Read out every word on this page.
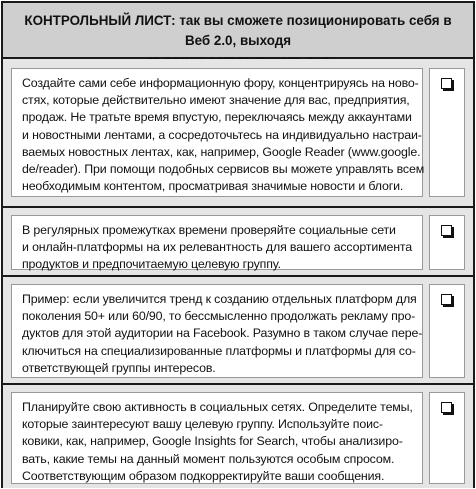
КОНТРОЛЬНЫЙ ЛИСТ: так вы сможете позиционировать себя в Веб 2.0, выходя
Создайте сами себе информационную фору, концентрируясь на ново-
стях, которые действительно имеют значение для вас, предприятия,
продаж. Не тратьте время впустую, переключаясь между аккаунтами
и новостными лентами, а сосредоточьтесь на индивидуально настраи-
ваемых новостных лентах, как, например, Google Reader (www.google.
de/reader). При помощи подобных сервисов вы можете управлять всем
необходимым контентом, просматривая значимые новости и блоги.
В регулярных промежутках времени проверяйте социальные сети
и онлайн-платформы на их релевантность для вашего ассортимента
продуктов и предпочитаемую целевую группу.
Пример: если увеличится тренд к созданию отдельных платформ для
поколения 50+ или 60/90, то бессмысленно продолжать рекламу про-
дуктов для этой аудитории на Facebook. Разумно в таком случае пере-
ключиться на специализированные платформы и платформы для со-
ответствующей группы интересов.
Планируйте свою активность в социальных сетях. Определите темы,
которые заинтересуют вашу целевую группу. Используйте поис-
ковики, как, например, Google Insights for Search, чтобы анализиро-
вать, какие темы на данный момент пользуются особым спросом.
Соответствующим образом подкорректируйте ваши сообщения.
